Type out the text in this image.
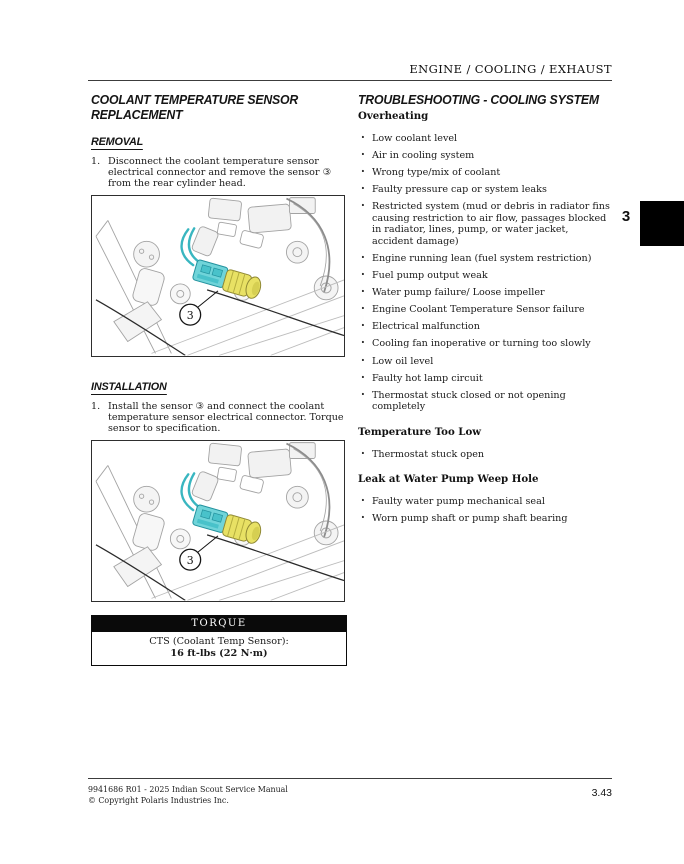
ENGINE / COOLING / EXHAUST
3
COOLANT TEMPERATURE SENSOR REPLACEMENT
REMOVAL
1. Disconnect the coolant temperature sensor electrical connector and remove the sensor ③ from the rear cylinder head.
INSTALLATION
1. Install the sensor ③ and connect the coolant temperature sensor electrical connector. Torque sensor to specification.
TORQUE
CTS (Coolant Temp Sensor):
16 ft-lbs (22 N·m)
TROUBLESHOOTING - COOLING SYSTEM
Overheating
· Low coolant level
· Air in cooling system
· Wrong type/mix of coolant
· Faulty pressure cap or system leaks
· Restricted system (mud or debris in radiator fins causing restriction to air flow, passages blocked in radiator, lines, pump, or water jacket, accident damage)
· Engine running lean (fuel system restriction)
· Fuel pump output weak
· Water pump failure/ Loose impeller
· Engine Coolant Temperature Sensor failure
· Electrical malfunction
· Cooling fan inoperative or turning too slowly
· Low oil level
· Faulty hot lamp circuit
· Thermostat stuck closed or not opening completely
Temperature Too Low
· Thermostat stuck open
Leak at Water Pump Weep Hole
· Faulty water pump mechanical seal
· Worn pump shaft or pump shaft bearing
9941686 R01 - 2025 Indian Scout Service Manual
© Copyright Polaris Industries Inc.
3.43
